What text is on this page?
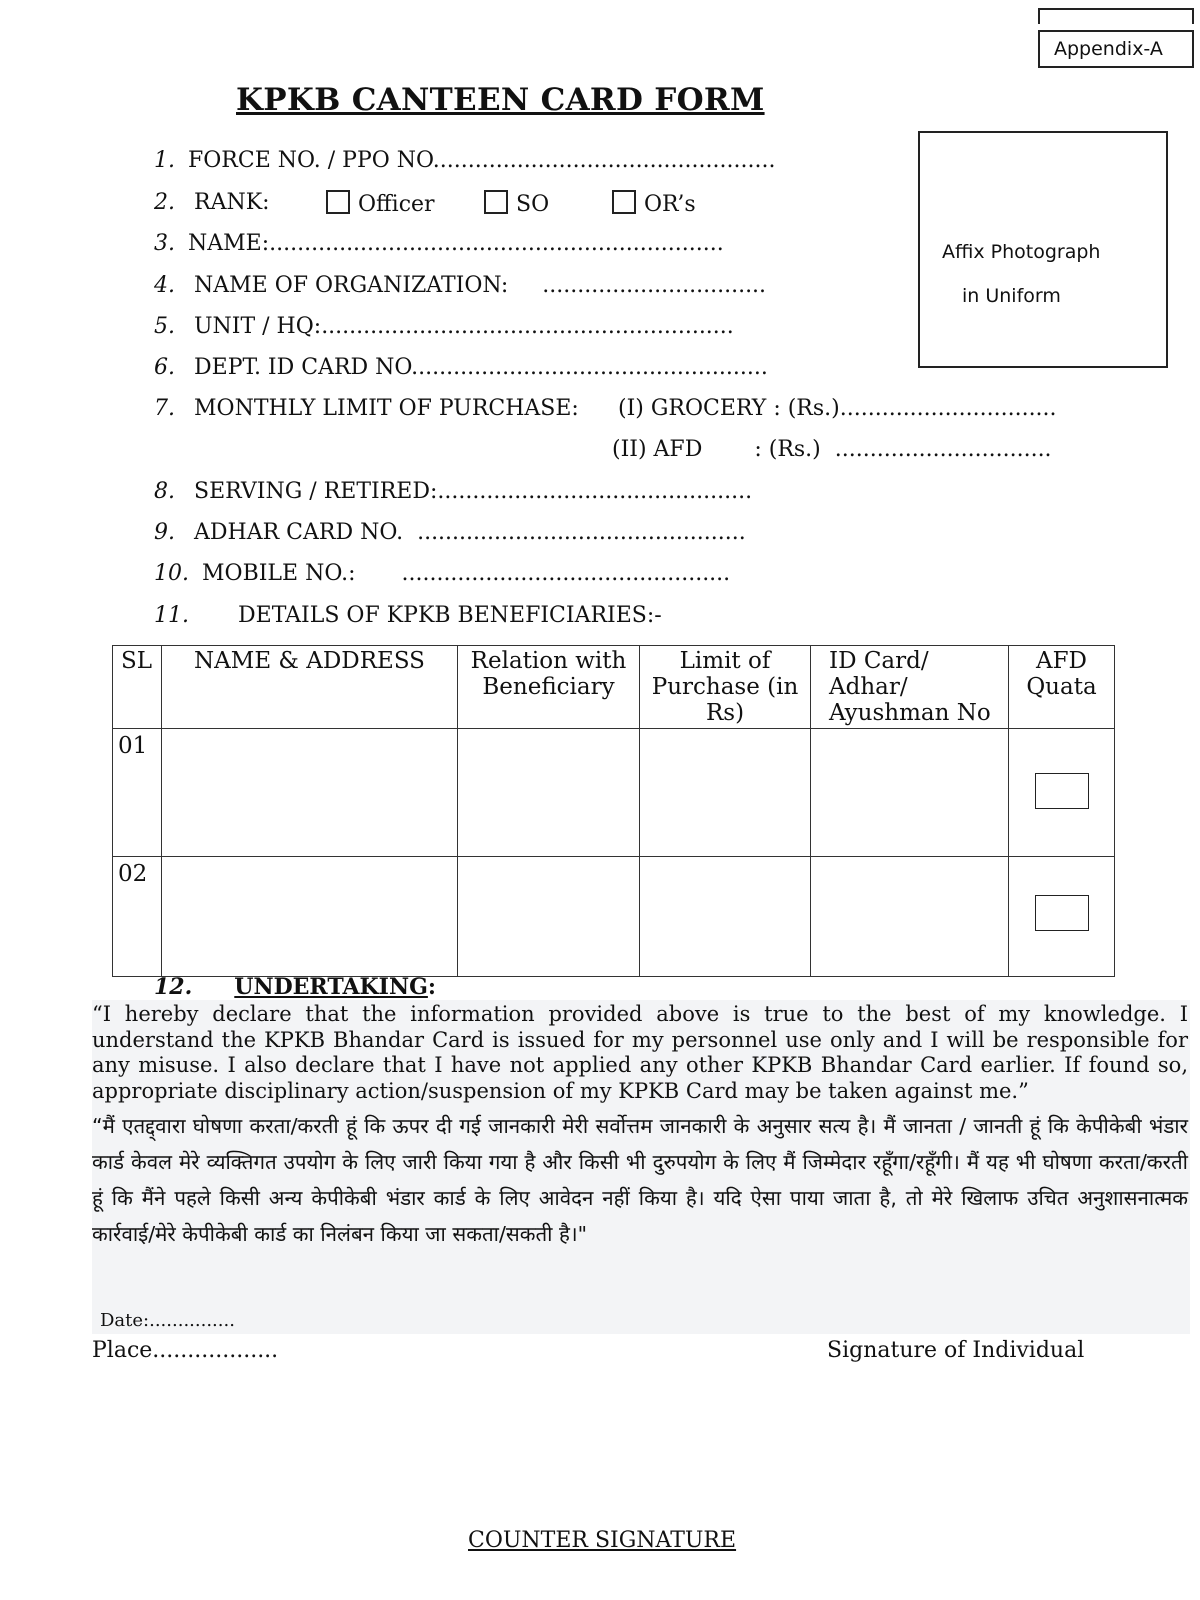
Appendix-A
KPKB CANTEEN CARD FORM
Affix Photograph
in Uniform
1. FORCE NO. / PPO NO.................................................
2. RANK:	Officer	SO	OR’s
3. NAME:.................................................................
4. NAME OF ORGANIZATION: ................................
5. UNIT / HQ:...........................................................
6. DEPT. ID CARD NO...................................................
7. MONTHLY LIMIT OF PURCHASE: (I) GROCERY : (Rs.)...............................
(II) AFD : (Rs.) ...............................
8. SERVING / RETIRED:.............................................
9. ADHAR CARD NO. ...............................................
10. MOBILE NO.: ...............................................
11. DETAILS OF KPKB BENEFICIARIES:-
SL	NAME & ADDRESS	Relation with Beneficiary	Limit of Purchase (in Rs)	ID Card/ Adhar/ Ayushman No	AFD Quata
01					

02					
12. UNDERTAKING:
“I hereby declare that the information provided above is true to the best of my knowledge. I understand the KPKB Bhandar Card is issued for my personnel use only and I will be responsible for any misuse. I also declare that I have not applied any other KPKB Bhandar Card earlier. If found so, appropriate disciplinary action/suspension of my KPKB Card may be taken against me.”
“मैं एतद्द्वारा घोषणा करता/करती हूं कि ऊपर दी गई जानकारी मेरी सर्वोत्तम जानकारी के अनुसार सत्य है। मैं जानता / जानती हूं कि केपीकेबी भंडार कार्ड केवल मेरे व्यक्तिगत उपयोग के लिए जारी किया गया है और किसी भी दुरुपयोग के लिए मैं जिम्मेदार रहूँगा/रहूँगी। मैं यह भी घोषणा करता/करती हूं कि मैंने पहले किसी अन्य केपीकेबी भंडार कार्ड के लिए आवेदन नहीं किया है। यदि ऐसा पाया जाता है, तो मेरे खिलाफ उचित अनुशासनात्मक कार्रवाई/मेरे केपीकेबी कार्ड का निलंबन किया जा सकता/सकती है।"
Date:...............
Place..................	Signature of Individual
COUNTER SIGNATURE
